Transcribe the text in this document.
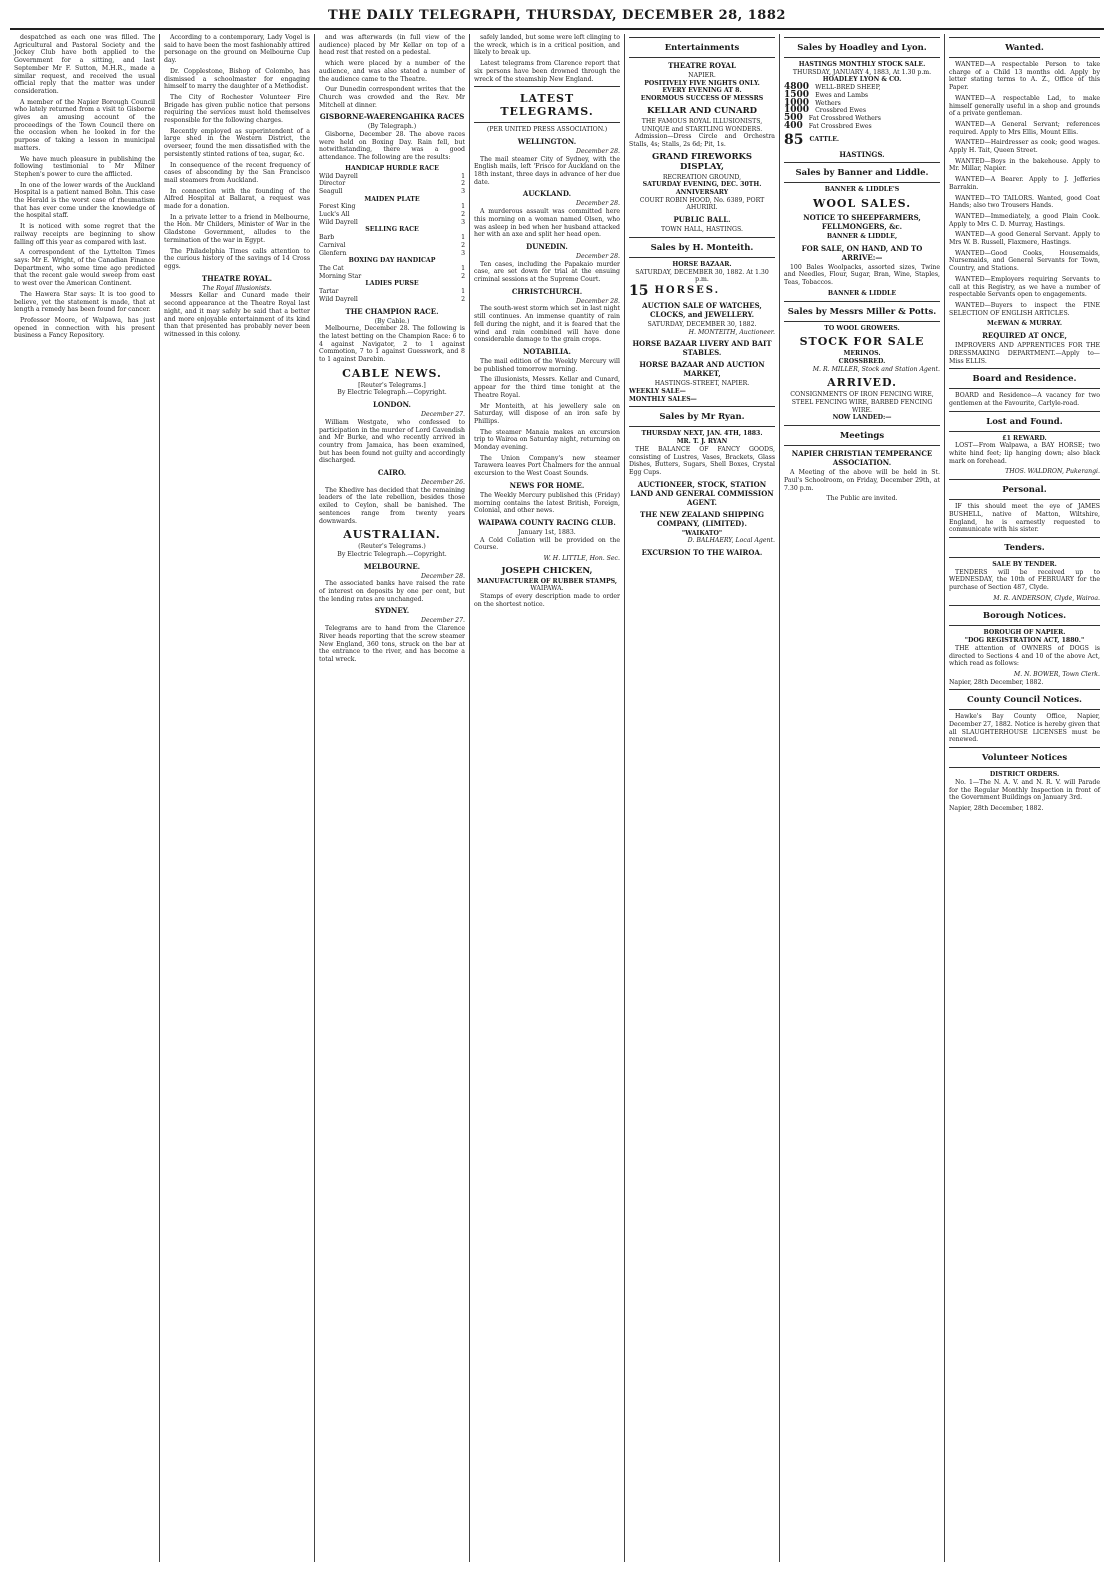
THE DAILY TELEGRAPH, THURSDAY, DECEMBER 28, 1882

despatched as each one was filled. The Agricultural and Pastoral Society and the Jockey Club have both applied to the Government for a sitting, and last September Mr F. Sutton, M.H.R., made a similar request, and received the usual official reply that the matter was under consideration.

A member of the Napier Borough Council who lately returned from a visit to Gisborne gives an amusing account of the proceedings of the Town Council there on the occasion when he looked in for the purpose of taking a lesson in municipal matters.

We have much pleasure in publishing the following testimonial to Mr Milner Stephen's power to cure the afflicted.

In one of the lower wards of the Auckland Hospital is a patient named Bohn. This case the Herald is the worst case of rheumatism that has ever come under the knowledge of the hospital staff.

It is noticed with some regret that the railway receipts are beginning to show falling off this year as compared with last.

A correspondent of the Lyttelton Times says: Mr E. Wright, of the Canadian Finance Department, who some time ago predicted that the recent gale would sweep from east to west over the American Continent.

The Hawera Star says: It is too good to believe, yet the statement is made, that at length a remedy has been found for cancer.

Professor Moore, of Walpawa, has just opened in connection with his present business a Fancy Repository.

According to a contemporary, Lady Vogel is said to have been the most fashionably attired personage on the ground on Melbourne Cup day.

Dr. Copplestone, Bishop of Colombo, has dismissed a schoolmaster for engaging himself to marry the daughter of a Methodist.

The City of Rochester Volunteer Fire Brigade has given public notice that persons requiring the services must hold themselves responsible for the following charges.

Recently employed as superintendent of a large shed in the Western District, the overseer, found the men dissatisfied with the persistently stinted rations of tea, sugar, &c.

In consequence of the recent frequency of cases of absconding by the San Francisco mail steamers from Auckland.

In connection with the founding of the Alfred Hospital at Ballarat, a request was made for a donation.

In a private letter to a friend in Melbourne, the Hon. Mr Childers, Minister of War in the Gladstone Government, alludes to the termination of the war in Egypt.

The Philadelphia Times calls attention to the curious history of the savings of 14 Cross eggs.

THEATRE ROYAL.
The Royal Illusionists.

Messrs Kellar and Cunard made their second appearance at the Theatre Royal last night, and it may safely be said that a better and more enjoyable entertainment of its kind than that presented has probably never been witnessed in this colony.

and was afterwards (in full view of the audience) placed by Mr Kellar on top of a head rest that rested on a pedestal.

which were placed by a number of the audience, and was also stated a number of the audience came to the Theatre.

Our Dunedin correspondent writes that the Church was crowded and the Rev. Mr Mitchell at dinner.

GISBORNE-WAERENGAHIKA RACES
(By Telegraph.)

Gisborne, December 28. The above races were held on Boxing Day. Rain fell, but notwithstanding, there was a good attendance. The following are the results:

HANDICAP HURDLE RACE
Wild Dayrell	1
Director	2
Seagull	3
MAIDEN PLATE
Forest King	1
Luck's All	2
Wild Dayrell	3
SELLING RACE
Barb	1
Carnival	2
Glenfern	3
BOXING DAY HANDICAP
The Cat	1
Morning Star	2
LADIES PURSE
Tartar	1
Wild Dayrell	2
THE CHAMPION RACE.
(By Cable.)

Melbourne, December 28. The following is the latest betting on the Champion Race: 6 to 4 against Navigator, 2 to 1 against Commotion, 7 to 1 against Guesswork, and 8 to 1 against Darebin.

CABLE NEWS.
[Reuter's Telegrams.]
By Electric Telegraph.—Copyright.
LONDON.
December 27.

William Westgate, who confessed to participation in the murder of Lord Cavendish and Mr Burke, and who recently arrived in country from Jamaica, has been examined, but has been found not guilty and accordingly discharged.

CAIRO.
December 26.

The Khedive has decided that the remaining leaders of the late rebellion, besides those exiled to Ceylon, shall be banished. The sentences range from twenty years downwards.

AUSTRALIAN.
(Reuter's Telegrams.)
By Electric Telegraph.—Copyright.
MELBOURNE.
December 28.

The associated banks have raised the rate of interest on deposits by one per cent, but the lending rates are unchanged.

SYDNEY.
December 27.

Telegrams are to hand from the Clarence River heads reporting that the screw steamer New England, 360 tons, struck on the bar at the entrance to the river, and has become a total wreck.

safely landed, but some were left clinging to the wreck, which is in a critical position, and likely to break up.

Latest telegrams from Clarence report that six persons have been drowned through the wreck of the steamship New England.

LATEST TELEGRAMS.
(PER UNITED PRESS ASSOCIATION.)
WELLINGTON.
December 28.

The mail steamer City of Sydney, with the English mails, left 'Frisco for Auckland on the 18th instant, three days in advance of her due date.

AUCKLAND.
December 28.

A murderous assault was committed here this morning on a woman named Olsen, who was asleep in bed when her husband attacked her with an axe and split her head open.

DUNEDIN.
December 28.

Ten cases, including the Papakaio murder case, are set down for trial at the ensuing criminal sessions at the Supreme Court.

CHRISTCHURCH.
December 28.

The south-west storm which set in last night still continues. An immense quantity of rain fell during the night, and it is feared that the wind and rain combined will have done considerable damage to the grain crops.

NOTABILIA.

The mail edition of the Weekly Mercury will be published tomorrow morning.

The illusionists, Messrs. Kellar and Cunard, appear for the third time tonight at the Theatre Royal.

Mr Monteith, at his jewellery sale on Saturday, will dispose of an iron safe by Phillips.

The steamer Manaia makes an excursion trip to Wairoa on Saturday night, returning on Monday evening.

The Union Company's new steamer Tarawera leaves Port Chalmers for the annual excursion to the West Coast Sounds.

NEWS FOR HOME.

The Weekly Mercury published this (Friday) morning contains the latest British, Foreign, Colonial, and other news.

WAIPAWA COUNTY RACING CLUB.
January 1st, 1883.

A Cold Collation will be provided on the Course.

W. H. LITTLE, Hon. Sec.
JOSEPH CHICKEN,
MANUFACTURER OF RUBBER STAMPS,
WAIPAWA.

Stamps of every description made to order on the shortest notice.

Entertainments
THEATRE ROYAL
NAPIER.
POSITIVELY FIVE NIGHTS ONLY.
EVERY EVENING AT 8.
ENORMOUS SUCCESS OF MESSRS
KELLAR AND CUNARD
THE FAMOUS ROYAL ILLUSIONISTS,
UNIQUE and STARTLING WONDERS.

Admission—Dress Circle and Orchestra Stalls, 4s; Stalls, 2s 6d; Pit, 1s.

GRAND FIREWORKS DISPLAY,
RECREATION GROUND,
SATURDAY EVENING, DEC. 30TH.
ANNIVERSARY
COURT ROBIN HOOD, No. 6389, PORT AHURIRI.
PUBLIC BALL.
TOWN HALL, HASTINGS.
Sales by H. Monteith.
HORSE BAZAAR.
SATURDAY, DECEMBER 30, 1882. At 1.30 p.m.
15 HORSES.
AUCTION SALE OF WATCHES, CLOCKS, and JEWELLERY.
SATURDAY, DECEMBER 30, 1882.
H. MONTEITH, Auctioneer.
HORSE BAZAAR LIVERY AND BAIT STABLES.
HORSE BAZAAR AND AUCTION MARKET,
HASTINGS-STREET, NAPIER.
WEEKLY SALE—
MONTHLY SALES—
Sales by Mr Ryan.
THURSDAY NEXT, JAN. 4TH, 1883.
MR. T. J. RYAN

THE BALANCE OF FANCY GOODS, consisting of Lustres, Vases, Brackets, Glass Dishes, Butters, Sugars, Shell Boxes, Crystal Egg Cups.

AUCTIONEER, STOCK, STATION LAND AND GENERAL COMMISSION AGENT.
THE NEW ZEALAND SHIPPING COMPANY, (LIMITED).
"WAIKATO"
D. BALHAERY, Local Agent.
EXCURSION TO THE WAIROA.
Sales by Hoadley and Lyon.
HASTINGS MONTHLY STOCK SALE.
THURSDAY, JANUARY 4, 1883, At 1.30 p.m.
HOADLEY LYON & CO.
4800 WELL-BRED SHEEP,
1500 Ewes and Lambs
1000 Wethers
1000 Crossbred Ewes
500 Fat Crossbred Wethers
400 Fat Crossbred Ewes
85 CATTLE.
HASTINGS.
Sales by Banner and Liddle.
BANNER & LIDDLE'S
WOOL SALES.
NOTICE TO SHEEPFARMERS, FELLMONGERS, &c.
BANNER & LIDDLE,
FOR SALE, ON HAND, AND TO ARRIVE:—

100 Bales Woolpacks, assorted sizes, Twine and Needles, Flour, Sugar, Bran, Wine, Staples, Teas, Tobaccos.

BANNER & LIDDLE
Sales by Messrs Miller & Potts.
TO WOOL GROWERS.
STOCK FOR SALE
MERINOS.
CROSSBRED.
M. R. MILLER, Stock and Station Agent.
ARRIVED.
CONSIGNMENTS OF IRON FENCING WIRE, STEEL FENCING WIRE, BARBED FENCING WIRE.
NOW LANDED:—
Meetings
NAPIER CHRISTIAN TEMPERANCE ASSOCIATION.

A Meeting of the above will be held in St. Paul's Schoolroom, on Friday, December 29th, at 7.30 p.m.

The Public are invited.
Wanted.

WANTED—A respectable Person to take charge of a Child 13 months old. Apply by letter stating terms to A. Z., Office of this Paper.

WANTED—A respectable Lad, to make himself generally useful in a shop and grounds of a private gentleman.

WANTED—A General Servant; references required. Apply to Mrs Ellis, Mount Ellis.

WANTED—Hairdresser as cook; good wages. Apply H. Tait, Queen Street.

WANTED—Boys in the bakehouse. Apply to Mr. Millar, Napier.

WANTED—A Bearer. Apply to J. Jefferies Barrakin.

WANTED—TO TAILORS. Wanted, good Coat Hands; also two Trousers Hands.

WANTED—Immediately, a good Plain Cook. Apply to Mrs C. D. Murray, Hastings.

WANTED—A good General Servant. Apply to Mrs W. B. Russell, Flaxmere, Hastings.

WANTED—Good Cooks, Housemaids, Nursemaids, and General Servants for Town, Country, and Stations.

WANTED—Employers requiring Servants to call at this Registry, as we have a number of respectable Servants open to engagements.

WANTED—Buyers to inspect the FINE SELECTION OF ENGLISH ARTICLES.

McEWAN & MURRAY.
REQUIRED AT ONCE,

IMPROVERS AND APPRENTICES FOR THE DRESSMAKING DEPARTMENT.—Apply to— Miss ELLIS.

Board and Residence.

BOARD and Residence—A vacancy for two gentlemen at the Favourite, Carlyle-road.

Lost and Found.
£1 REWARD.

LOST—From Walpawa, a BAY HORSE; two white hind feet; lip hanging down; also black mark on forehead.

THOS. WALDRON, Pukerangi.
Personal.

IF this should meet the eye of JAMES BUSHELL, native of Matton, Wiltshire, England, he is earnestly requested to communicate with his sister.

Tenders.
SALE BY TENDER.

TENDERS will be received up to WEDNESDAY, the 10th of FEBRUARY for the purchase of Section 487, Clyde.

M. R. ANDERSON, Clyde, Wairoa.
Borough Notices.
BOROUGH OF NAPIER.
"DOG REGISTRATION ACT, 1880."

THE attention of OWNERS of DOGS is directed to Sections 4 and 10 of the above Act, which read as follows:

M. N. BOWER, Town Clerk.
Napier, 28th December, 1882.
County Council Notices.

Hawke's Bay County Office, Napier, December 27, 1882. Notice is hereby given that all SLAUGHTERHOUSE LICENSES must be renewed.

Volunteer Notices
DISTRICT ORDERS.

No. 1—The N. A. V. and N. R. V. will Parade for the Regular Monthly Inspection in front of the Government Buildings on January 3rd.

Napier, 28th December, 1882.
